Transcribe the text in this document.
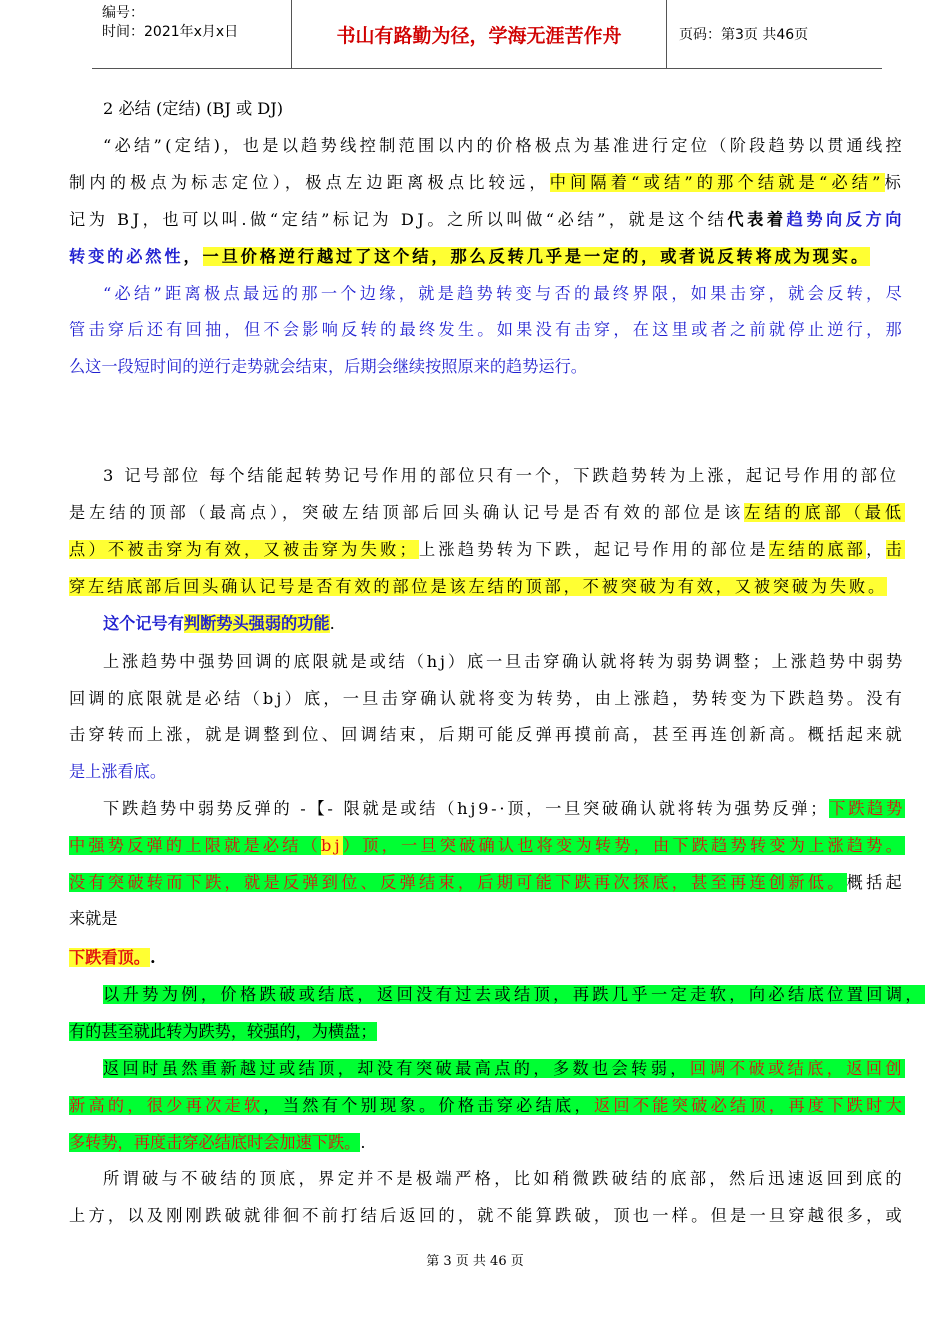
编号：
时间：2021年x月x日	书山有路勤为径，学海无涯苦作舟	页码：第3页 共46页
2 必结 (定结) (BJ 或 DJ)
“必结”(定结)，也是以趋势线控制范围以内的价格极点为基准进行定位（阶段趋势以贯通线控
制内的极点为标志定位），极点左边距离极点比较远，中间隔着“或结”的那个结就是“必结”标
记为 BJ，也可以叫.做“定结”标记为 DJ。之所以叫做“必结”，就是这个结代表着趋势向反方向
转变的必然性，一旦价格逆行越过了这个结，那么反转几乎是一定的，或者说反转将成为现实。
“必结”距离极点最远的那一个边缘，就是趋势转变与否的最终界限，如果击穿，就会反转，尽
管击穿后还有回抽，但不会影响反转的最终发生。如果没有击穿，在这里或者之前就停止逆行，那
么这一段短时间的逆行走势就会结束，后期会继续按照原来的趋势运行。
3 记号部位 每个结能起转势记号作用的部位只有一个，下跌趋势转为上涨，起记号作用的部位
是左结的顶部（最高点），突破左结顶部后回头确认记号是否有效的部位是该左结的底部（最低
点）不被击穿为有效，又被击穿为失败；上涨趋势转为下跌，起记号作用的部位是左结的底部，击
穿左结底部后回头确认记号是否有效的部位是该左结的顶部，不被突破为有效，又被突破为失败。
这个记号有判断势头强弱的功能.
上涨趋势中强势回调的底限就是或结（hj）底一旦击穿确认就将转为弱势调整；上涨趋势中弱势
回调的底限就是必结（bj）底，一旦击穿确认就将变为转势，由上涨趋，势转变为下跌趋势。没有
击穿转而上涨，就是调整到位、回调结束，后期可能反弹再摸前高，甚至再连创新高。概括起来就
是上涨看底。
下跌趋势中弱势反弹的 -【- 限就是或结（hj9-·顶，一旦突破确认就将转为强势反弹；下跌趋势
中强势反弹的上限就是必结（bj）顶，一旦突破确认也将变为转势，由下跌趋势转变为上涨趋势。
没有突破转而下跌，就是反弹到位、反弹结束，后期可能下跌再次探底，甚至再连创新低。概括起
来就是
下跌看顶。.
以升势为例，价格跌破或结底，返回没有过去或结顶，再跌几乎一定走软，向必结底位置回调，
有的甚至就此转为跌势，较强的，为横盘；
返回时虽然重新越过或结顶，却没有突破最高点的，多数也会转弱，回调不破或结底，返回创
新高的，很少再次走软，当然有个别现象。价格击穿必结底，返回不能突破必结顶，再度下跌时大
多转势，再度击穿必结底时会加速下跌。.
所谓破与不破结的顶底，界定并不是极端严格，比如稍微跌破结的底部，然后迅速返回到底的
上方，以及刚刚跌破就徘徊不前打结后返回的，就不能算跌破，顶也一样。但是一旦穿越很多，或
第 3 页 共 46 页
